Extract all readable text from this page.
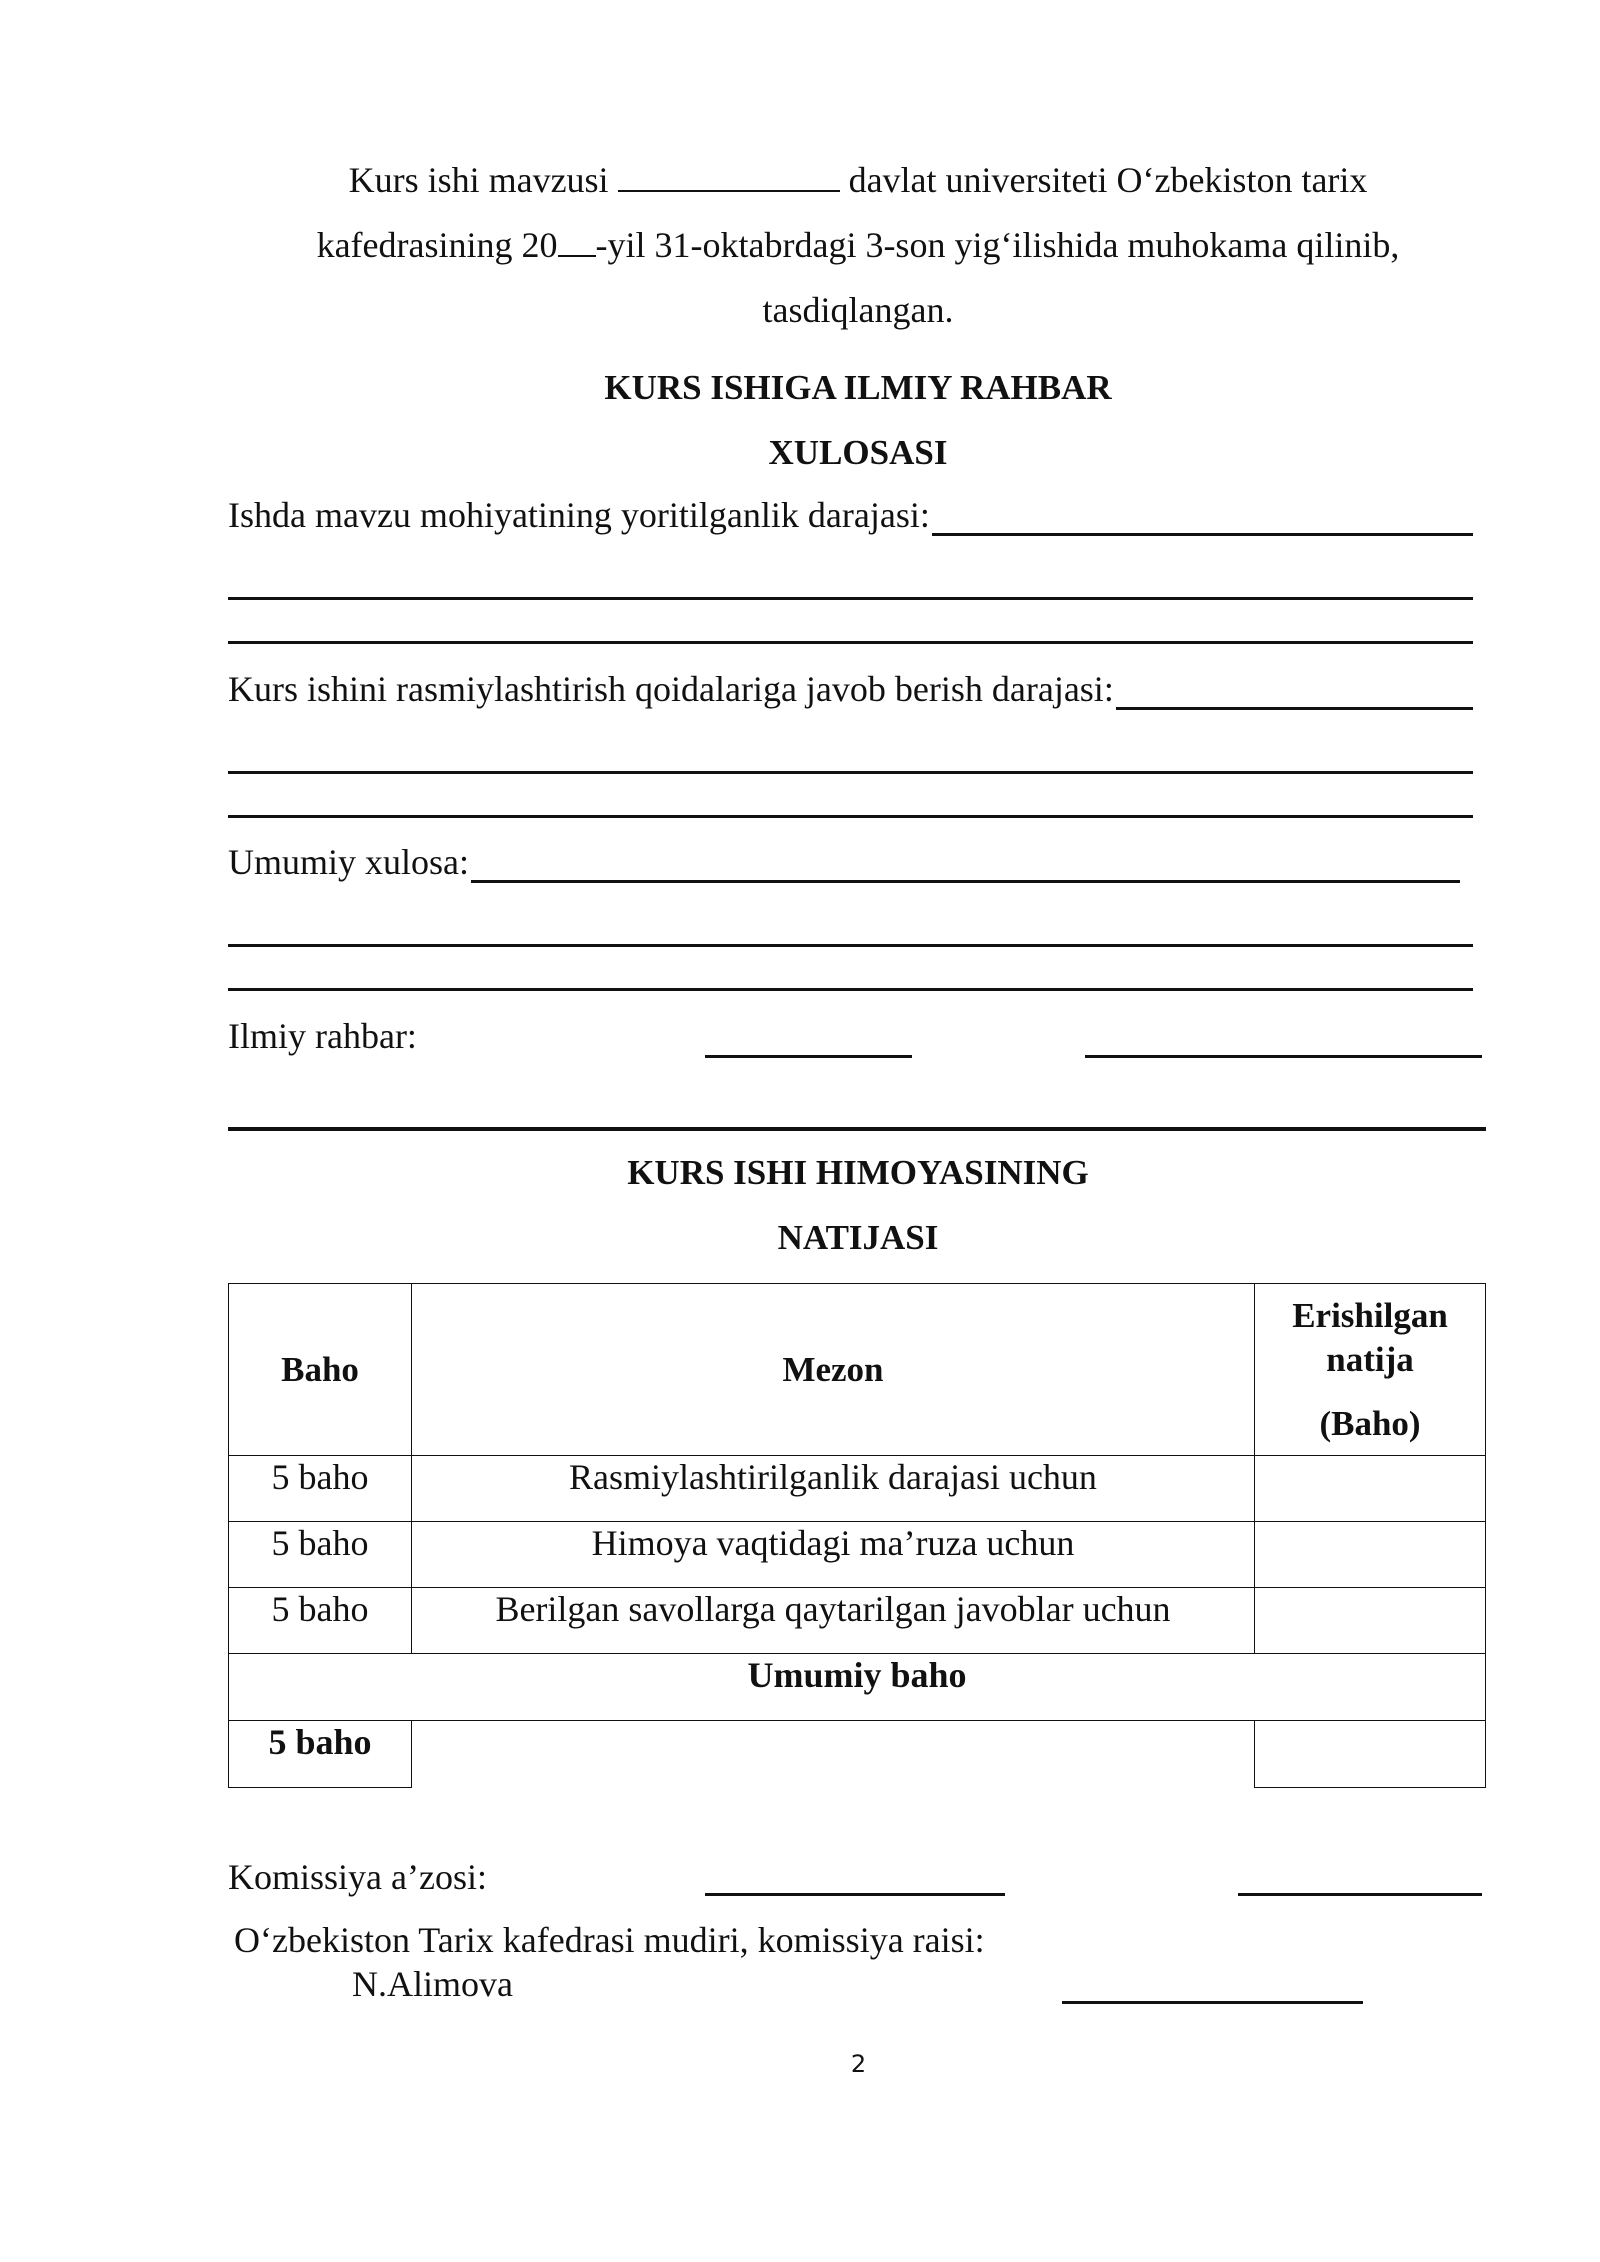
Kurs ishi mavzusi	davlat universiteti O‘zbekiston tarix
kafedrasining 20 -yil 31-oktabrdagi 3-son yig‘ilishida muhokama qilinib,
tasdiqlangan.
KURS ISHIGA ILMIY RAHBAR
XULOSASI
Ishda mavzu mohiyatining yoritilganlik darajasi:
Kurs ishini rasmiylashtirish qoidalariga javob berish darajasi:
Umumiy xulosa:
Ilmiy rahbar:
KURS ISHI HIMOYASINING
NATIJASI
Baho	Mezon	Erishilgan
natija
(Baho)

5 baho	Rasmiylashtirilganlik darajasi uchun	
5 baho	Himoya vaqtidagi ma’ruza uchun	
5 baho	Berilgan savollarga qaytarilgan javoblar uchun	
Umumiy baho		
5 baho		
Komissiya a’zosi:
O‘zbekiston Tarix kafedrasi mudiri, komissiya raisi:
N.Alimova
2
